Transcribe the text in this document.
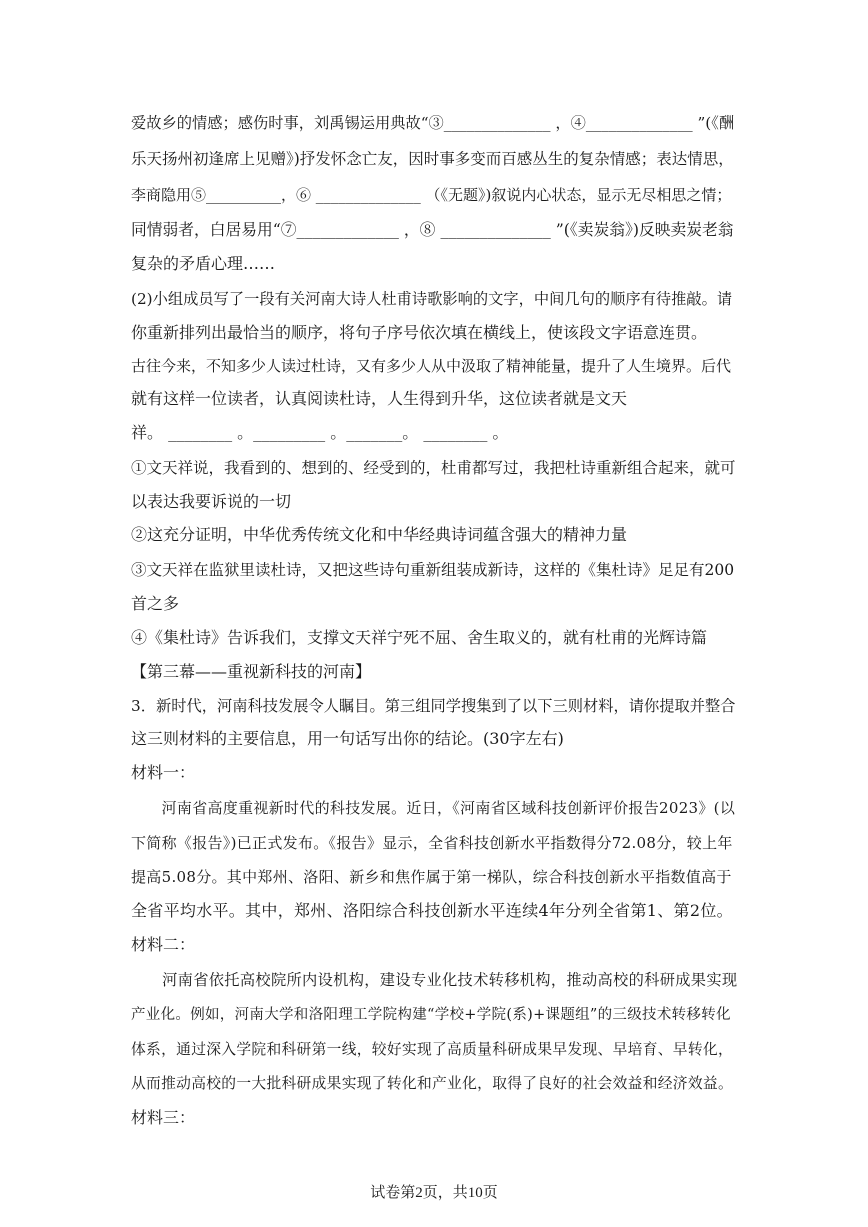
爱故乡的情感；感伤时事，刘禹锡运用典故“③______________ ，④______________ ”(《酬
乐天扬州初逢席上见赠》)抒发怀念亡友，因时事多变而百感丛生的复杂情感；表达情思，
李商隐用⑤__________，⑥ ______________ （《无题》)叙说内心状态，显示无尽相思之情；
同情弱者，白居易用“⑦_____________ ，⑧ ______________ ”(《卖炭翁》)反映卖炭老翁
复杂的矛盾心理……
(2)小组成员写了一段有关河南大诗人杜甫诗歌影响的文字，中间几句的顺序有待推敲。请
你重新排列出最恰当的顺序，将句子序号依次填在横线上，使该段文字语意连贯。
古往今来，不知多少人读过杜诗，又有多少人从中汲取了精神能量，提升了人生境界。后代
就有这样一位读者，认真阅读杜诗，人生得到升华，这位读者就是文天
祥。 ________ 。_________ 。_______。 ________ 。
①文天祥说，我看到的、想到的、经受到的，杜甫都写过，我把杜诗重新组合起来，就可
以表达我要诉说的一切
②这充分证明，中华优秀传统文化和中华经典诗词蕴含强大的精神力量
③文天祥在监狱里读杜诗，又把这些诗句重新组装成新诗，这样的《集杜诗》足足有200
首之多
④《集杜诗》告诉我们，支撑文天祥宁死不屈、舍生取义的，就有杜甫的光辉诗篇
【第三幕——重视新科技的河南】
3．新时代，河南科技发展令人瞩目。第三组同学搜集到了以下三则材料，请你提取并整合
这三则材料的主要信息，用一句话写出你的结论。(30字左右)
材料一：
　　河南省高度重视新时代的科技发展。近日，《河南省区域科技创新评价报告2023》(以
下简称《报告》)已正式发布。《报告》显示，全省科技创新水平指数得分72.08分，较上年
提高5.08分。其中郑州、洛阳、新乡和焦作属于第一梯队，综合科技创新水平指数值高于
全省平均水平。其中，郑州、洛阳综合科技创新水平连续4年分列全省第1、第2位。
材料二：
　　河南省依托高校院所内设机构，建设专业化技术转移机构，推动高校的科研成果实现
产业化。例如，河南大学和洛阳理工学院构建“学校+学院(系)+课题组”的三级技术转移转化
体系，通过深入学院和科研第一线，较好实现了高质量科研成果早发现、早培育、早转化，
从而推动高校的一大批科研成果实现了转化和产业化，取得了良好的社会效益和经济效益。
材料三：
试卷第2页，共10页
